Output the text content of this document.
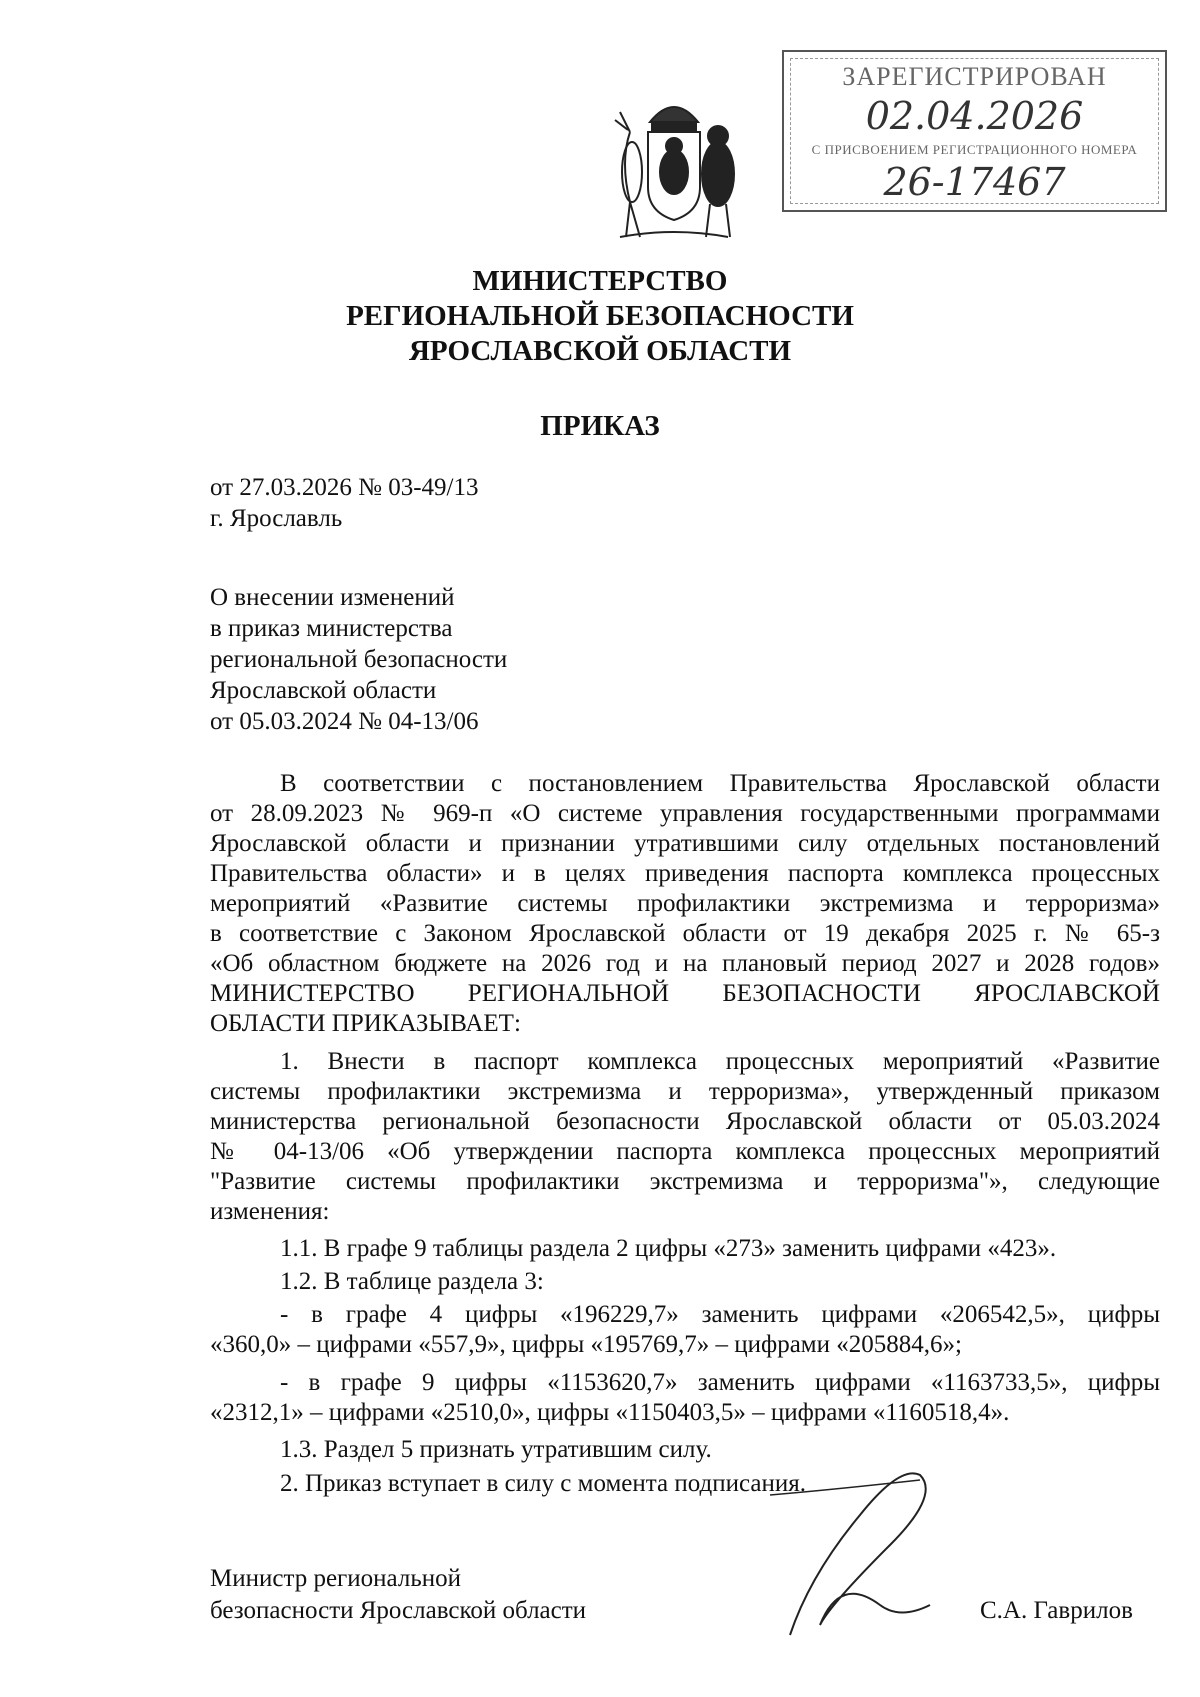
ЗАРЕГИСТРИРОВАН
02.04.2026
С ПРИСВОЕНИЕМ РЕГИСТРАЦИОННОГО НОМЕРА
26-17467
МИНИСТЕРСТВО
РЕГИОНАЛЬНОЙ БЕЗОПАСНОСТИ
ЯРОСЛАВСКОЙ ОБЛАСТИ
ПРИКАЗ
от 27.03.2026 № 03-49/13
г. Ярославль
О внесении изменений
в приказ министерства
региональной безопасности
Ярославской области
от 05.03.2024 № 04-13/06
В соответствии с постановлением Правительства Ярославской области
от 28.09.2023 № 969-п «О системе управления государственными программами
Ярославской области и признании утратившими силу отдельных постановлений
Правительства области» и в целях приведения паспорта комплекса процессных
мероприятий «Развитие системы профилактики экстремизма и терроризма»
в соответствие с Законом Ярославской области от 19 декабря 2025 г. № 65-з
«Об областном бюджете на 2026 год и на плановый период 2027 и 2028 годов»
МИНИСТЕРСТВО РЕГИОНАЛЬНОЙ БЕЗОПАСНОСТИ ЯРОСЛАВСКОЙ
ОБЛАСТИ ПРИКАЗЫВАЕТ:
1. Внести в паспорт комплекса процессных мероприятий «Развитие
системы профилактики экстремизма и терроризма», утвержденный приказом
министерства региональной безопасности Ярославской области от 05.03.2024
№ 04-13/06 «Об утверждении паспорта комплекса процессных мероприятий
"Развитие системы профилактики экстремизма и терроризма"», следующие
изменения:
1.1. В графе 9 таблицы раздела 2 цифры «273» заменить цифрами «423».
1.2. В таблице раздела 3:
- в графе 4 цифры «196229,7» заменить цифрами «206542,5», цифры
«360,0» – цифрами «557,9», цифры «195769,7» – цифрами «205884,6»;
- в графе 9 цифры «1153620,7» заменить цифрами «1163733,5», цифры
«2312,1» – цифрами «2510,0», цифры «1150403,5» – цифрами «1160518,4».
1.3. Раздел 5 признать утратившим силу.
2. Приказ вступает в силу с момента подписания.
Министр региональной
безопасности Ярославской области	С.А. Гаврилов
